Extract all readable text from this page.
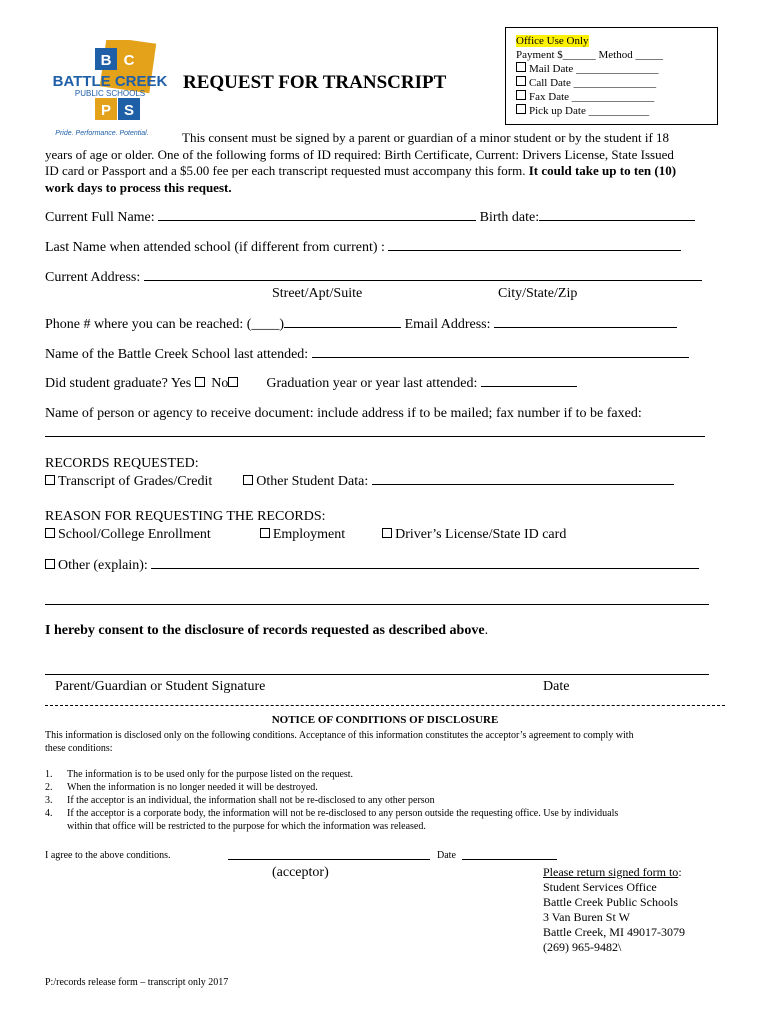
B C
P S
BATTLE CREEK
PUBLIC SCHOOLS
Pride. Performance. Potential.
REQUEST FOR TRANSCRIPT
Office Use Only
Payment $______ Method _____
Mail Date _______________
Call Date _______________
Fax Date _______________
Pick up Date ___________
This consent must be signed by a parent or guardian of a minor student or by the student if 18
years of age or older. One of the following forms of ID required: Birth Certificate, Current: Drivers License, State Issued
ID card or Passport and a $5.00 fee per each transcript requested must accompany this form. It could take up to ten (10)
work days to process this request.
Current Full Name:	Birth date:
Last Name when attended school (if different from current) :
Current Address:
Street/Apt/Suite	City/State/Zip
Phone # where you can be reached: (____)	Email Address:
Name of the Battle Creek School last attended:
Did student graduate? Yes No	Graduation year or year last attended:
Name of person or agency to receive document: include address if to be mailed; fax number if to be faxed:
RECORDS REQUESTED:
Transcript of Grades/Credit	Other Student Data:
REASON FOR REQUESTING THE RECORDS:
School/College Enrollment	Employment	Driver’s License/State ID card
Other (explain):
I hereby consent to the disclosure of records requested as described above.
Parent/Guardian or Student Signature	Date
NOTICE OF CONDITIONS OF DISCLOSURE
This information is disclosed only on the following conditions. Acceptance of this information constitutes the acceptor’s agreement to comply with
these conditions:
1. The information is to be used only for the purpose listed on the request.
2. When the information is no longer needed it will be destroyed.
3. If the acceptor is an individual, the information shall not be re-disclosed to any other person
4. If the acceptor is a corporate body, the information will not be re-disclosed to any person outside the requesting office. Use by individuals
within that office will be restricted to the purpose for which the information was released.
I agree to the above conditions.	Date
(acceptor)	Please return signed form to:
Student Services Office
Battle Creek Public Schools
3 Van Buren St W
Battle Creek, MI 49017-3079
(269) 965-9482\
P:/records release form – transcript only 2017
